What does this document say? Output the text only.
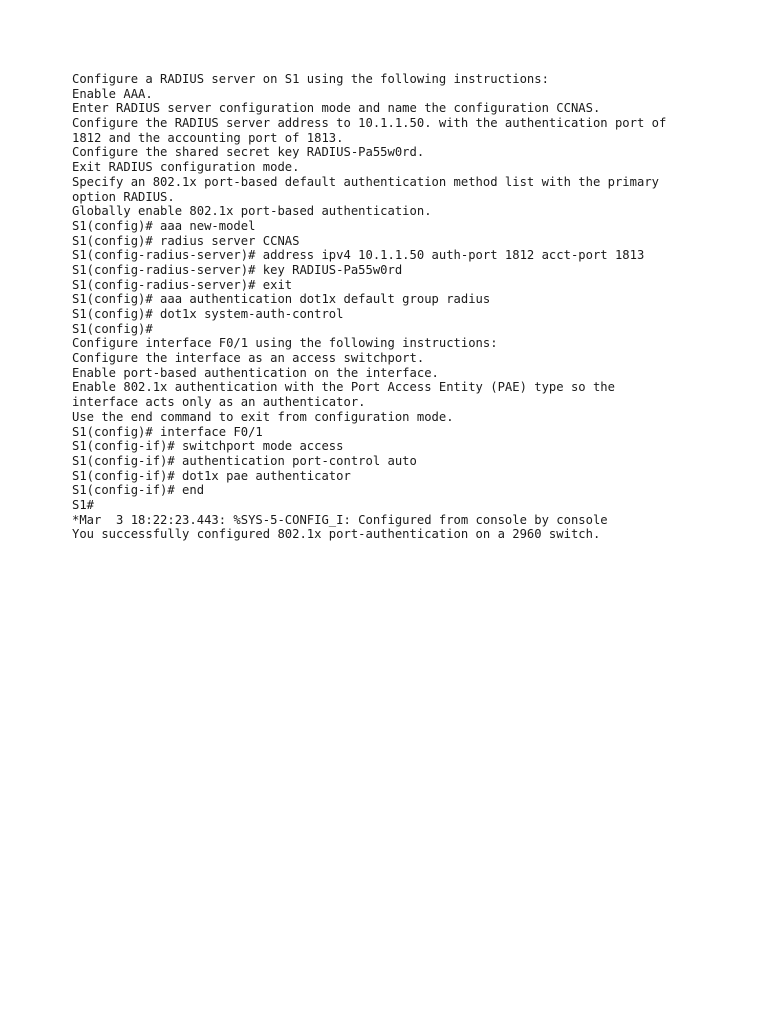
Configure a RADIUS server on S1 using the following instructions:
Enable AAA.
Enter RADIUS server configuration mode and name the configuration CCNAS.
Configure the RADIUS server address to 10.1.1.50. with the authentication port of
1812 and the accounting port of 1813.
Configure the shared secret key RADIUS-Pa55w0rd.
Exit RADIUS configuration mode.
Specify an 802.1x port-based default authentication method list with the primary
option RADIUS.
Globally enable 802.1x port-based authentication.
S1(config)# aaa new-model
S1(config)# radius server CCNAS
S1(config-radius-server)# address ipv4 10.1.1.50 auth-port 1812 acct-port 1813
S1(config-radius-server)# key RADIUS-Pa55w0rd
S1(config-radius-server)# exit
S1(config)# aaa authentication dot1x default group radius
S1(config)# dot1x system-auth-control
S1(config)#
Configure interface F0/1 using the following instructions:
Configure the interface as an access switchport.
Enable port-based authentication on the interface.
Enable 802.1x authentication with the Port Access Entity (PAE) type so the
interface acts only as an authenticator.
Use the end command to exit from configuration mode.
S1(config)# interface F0/1
S1(config-if)# switchport mode access
S1(config-if)# authentication port-control auto
S1(config-if)# dot1x pae authenticator
S1(config-if)# end
S1#
*Mar  3 18:22:23.443: %SYS-5-CONFIG_I: Configured from console by console
You successfully configured 802.1x port-authentication on a 2960 switch.
